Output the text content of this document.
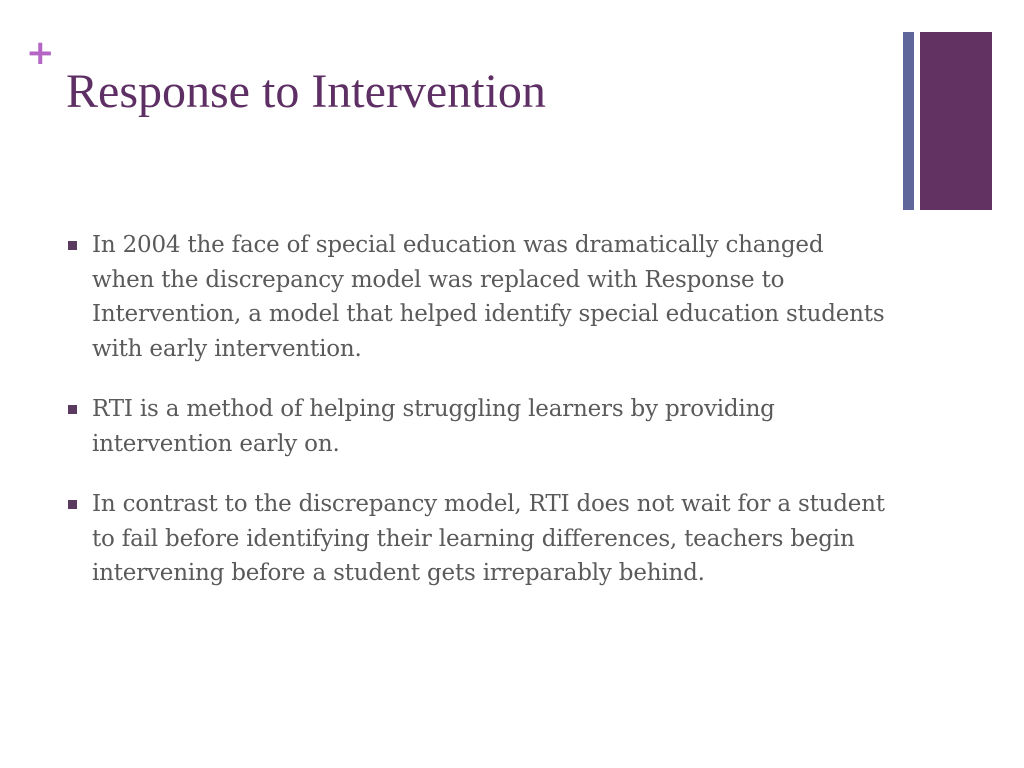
+
Response to Intervention
In 2004 the face of special education was dramatically changed when the discrepancy model was replaced with Response to Intervention, a model that helped identify special education students with early intervention.
RTI is a method of helping struggling learners by providing intervention early on.
In contrast to the discrepancy model, RTI does not wait for a student to fail before identifying their learning differences, teachers begin intervening before a student gets irreparably behind.
